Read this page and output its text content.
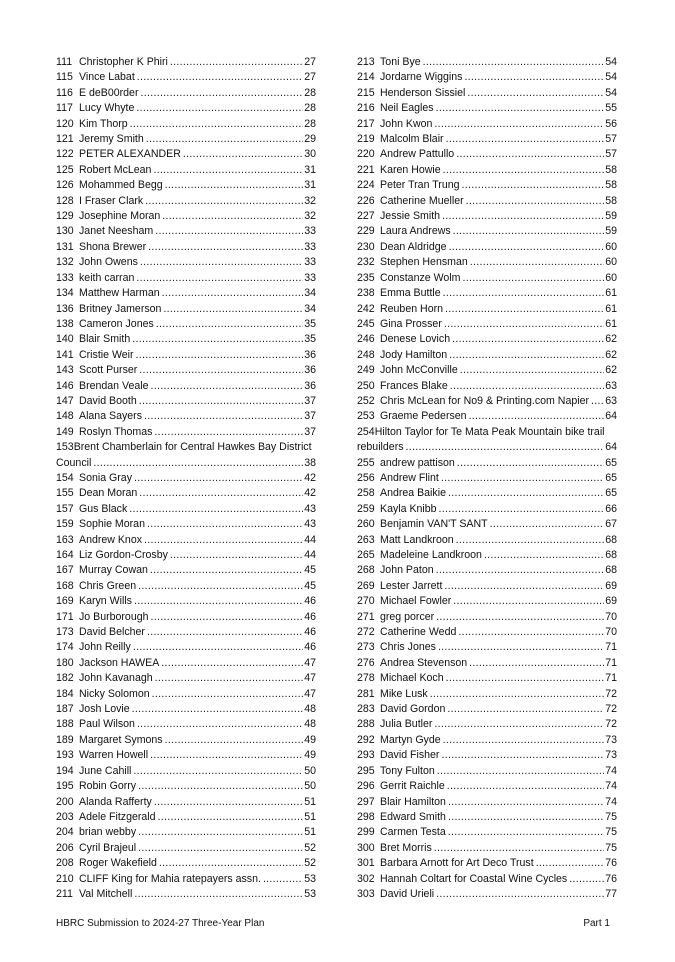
111 Christopher K Phiri .....	27
115 Vince Labat .....	27
116 E deB00rder .....	28
117 Lucy Whyte .....	28
120 Kim Thorp .....	28
121 Jeremy Smith .....	29
122 PETER ALEXANDER .....	30
125 Robert McLean .....	31
126 Mohammed Begg .....	31
128 I Fraser Clark .....	32
129 Josephine Moran .....	32
130 Janet Neesham .....	33
131 Shona Brewer .....	33
132 John Owens .....	33
133 keith carran .....	33
134 Matthew Harman .....	34
136 Britney Jamerson .....	34
138 Cameron Jones .....	35
140 Blair Smith .....	35
141 Cristie Weir .....	36
143 Scott Purser .....	36
146 Brendan Veale .....	36
147 David Booth .....	37
148 Alana Sayers .....	37
149 Roslyn Thomas .....	37
153Brent Chamberlain for Central Hawkes Bay District
Council .....	38
154 Sonia Gray .....	42
155 Dean Moran .....	42
157 Gus Black .....	43
159 Sophie Moran .....	43
163 Andrew Knox .....	44
164 Liz Gordon-Crosby .....	44
167 Murray Cowan .....	45
168 Chris Green .....	45
169 Karyn Wills .....	46
171 Jo Burborough .....	46
173 David Belcher .....	46
174 John Reilly .....	46
180 Jackson HAWEA .....	47
182 John Kavanagh .....	47
184 Nicky Solomon .....	47
187 Josh Lovie .....	48
188 Paul Wilson .....	48
189 Margaret Symons .....	49
193 Warren Howell .....	49
194 June Cahill .....	50
195 Robin Gorry .....	50
200 Alanda Rafferty .....	51
203 Adele Fitzgerald .....	51
204 brian webby .....	51
206 Cyril Brajeul .....	52
208 Roger Wakefield .....	52
210 CLIFF King for Mahia ratepayers assn. .....	53
211 Val Mitchell .....	53
213 Toni Bye .....	54
214 Jordarne Wiggins .....	54
215 Henderson Sissiel .....	54
216 Neil Eagles .....	55
217 John Kwon .....	56
219 Malcolm Blair .....	57
220 Andrew Pattullo .....	57
221 Karen Howie .....	58
224 Peter Tran Trung .....	58
226 Catherine Mueller .....	58
227 Jessie Smith .....	59
229 Laura Andrews .....	59
230 Dean Aldridge .....	60
232 Stephen Hensman .....	60
235 Constanze Wolm .....	60
238 Emma Buttle .....	61
242 Reuben Horn .....	61
245 Gina Prosser .....	61
246 Denese Lovich .....	62
248 Jody Hamilton .....	62
249 John McConville .....	62
250 Frances Blake .....	63
252 Chris McLean for No9 & Printing.com Napier ..... 63
253 Graeme Pedersen .....	64
254Hilton Taylor for Te Mata Peak Mountain bike trail
rebuilders .....	64
255 andrew pattison .....	65
256 Andrew Flint .....	65
258 Andrea Baikie .....	65
259 Kayla Knibb .....	66
260 Benjamin VAN'T SANT .....	67
263 Matt Landkroon .....	68
265 Madeleine Landkroon .....	68
268 John Paton .....	68
269 Lester Jarrett .....	69
270 Michael Fowler .....	69
271 greg porcer .....	70
272 Catherine Wedd .....	70
273 Chris Jones .....	71
276 Andrea Stevenson .....	71
278 Michael Koch .....	71
281 Mike Lusk .....	72
283 David Gordon .....	72
288 Julia Butler .....	72
292 Martyn Gyde .....	73
293 David Fisher .....	73
295 Tony Fulton .....	74
296 Gerrit Raichle .....	74
297 Blair Hamilton .....	74
298 Edward Smith .....	75
299 Carmen Testa .....	75
300 Bret Morris .....	75
301 Barbara Arnott for Art Deco Trust .....	76
302 Hannah Coltart for Coastal Wine Cycles .....	76
303 David Urieli .....	77
HBRC Submission to 2024-27 Three-Year Plan	Part 1
